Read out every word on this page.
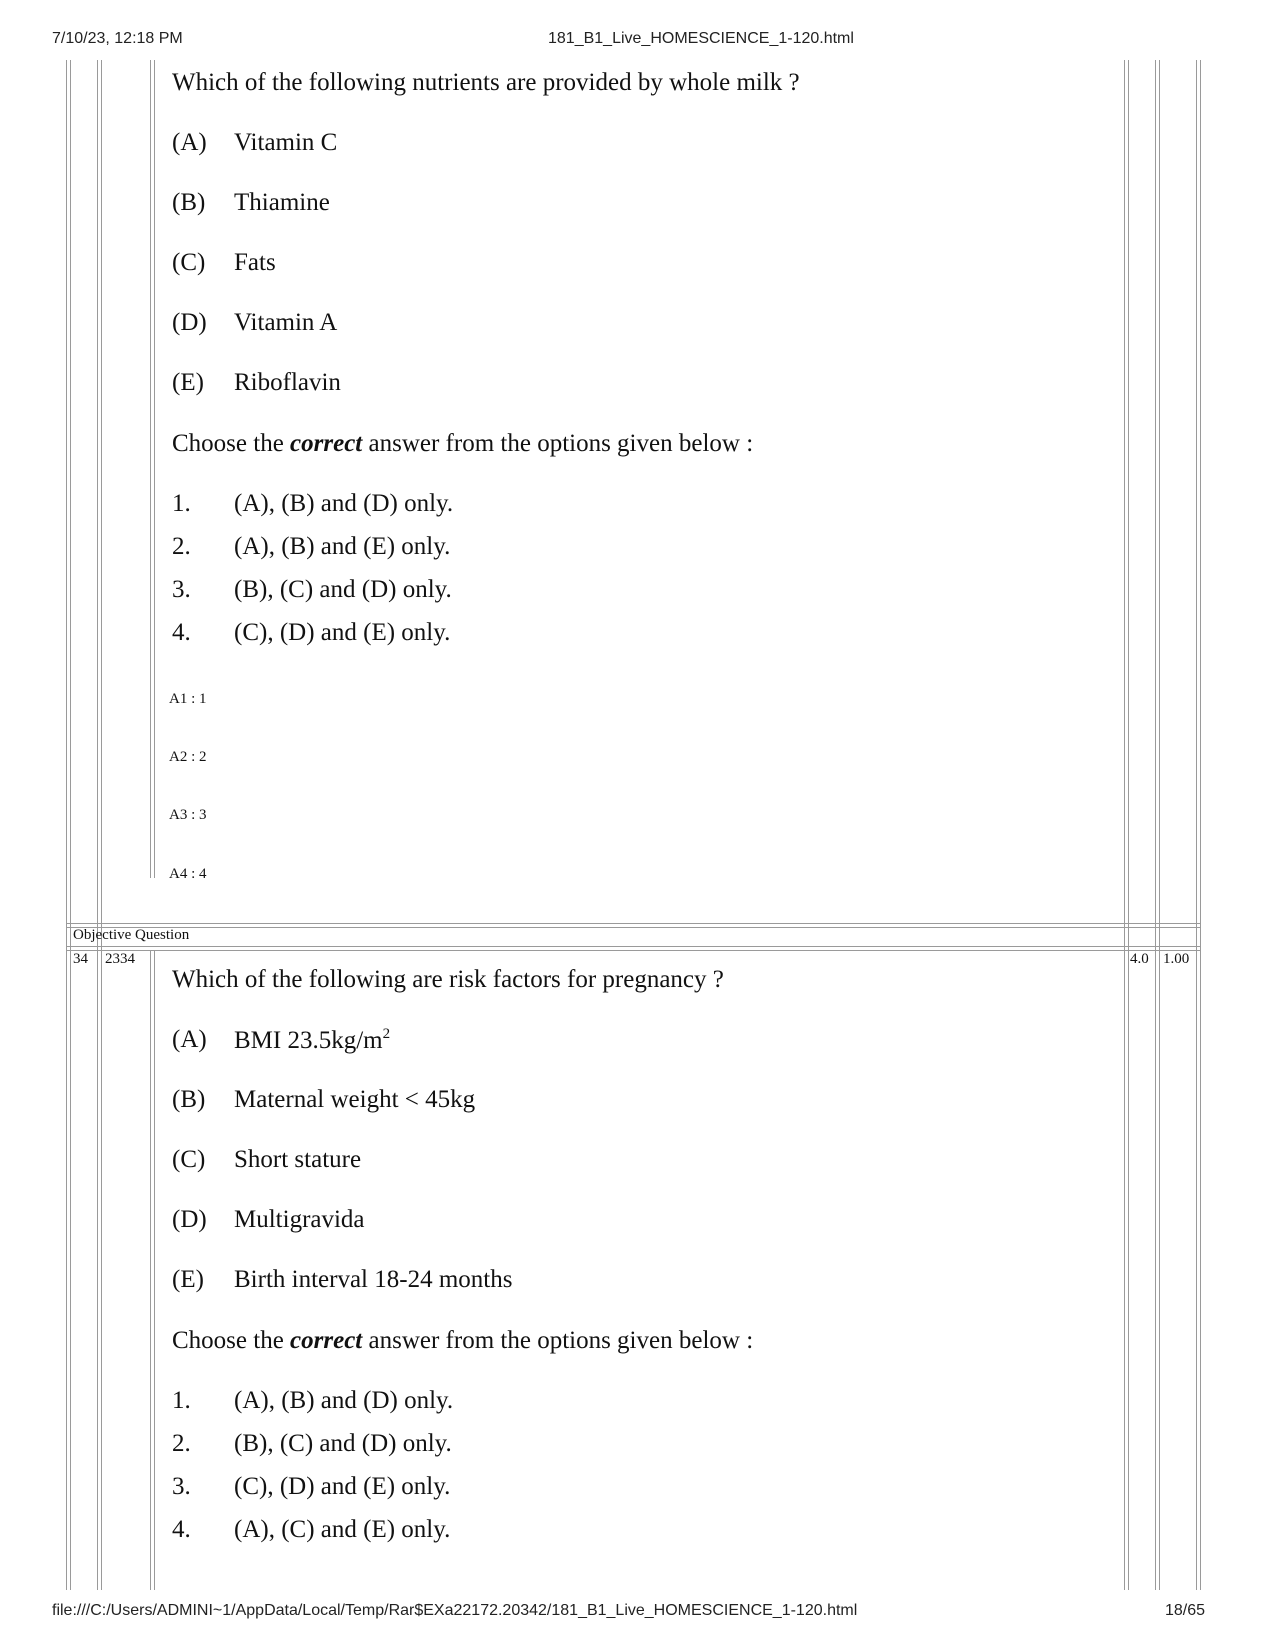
7/10/23, 12:18 PM	181_B1_Live_HOMESCIENCE_1-120.html
Which of the following nutrients are provided by whole milk ?
(A) Vitamin C
(B) Thiamine
(C) Fats
(D) Vitamin A
(E) Riboflavin
Choose the correct answer from the options given below :
1. (A), (B) and (D) only.
2. (A), (B) and (E) only.
3. (B), (C) and (D) only.
4. (C), (D) and (E) only.
A1 : 1
A2 : 2
A3 : 3
A4 : 4
Objective Question
34 2334	4.0 1.00
Which of the following are risk factors for pregnancy ?
(A) BMI $23.5kg/m^2$
(B) Maternal weight < 45kg
(C) Short stature
(D) Multigravida
(E) Birth interval 18-24 months
Choose the correct answer from the options given below :
1. (A), (B) and (D) only.
2. (B), (C) and (D) only.
3. (C), (D) and (E) only.
4. (A), (C) and (E) only.
file:///C:/Users/ADMINI~1/AppData/Local/Temp/Rar$EXa22172.20342/181_B1_Live_HOMESCIENCE_1-120.html	18/65
